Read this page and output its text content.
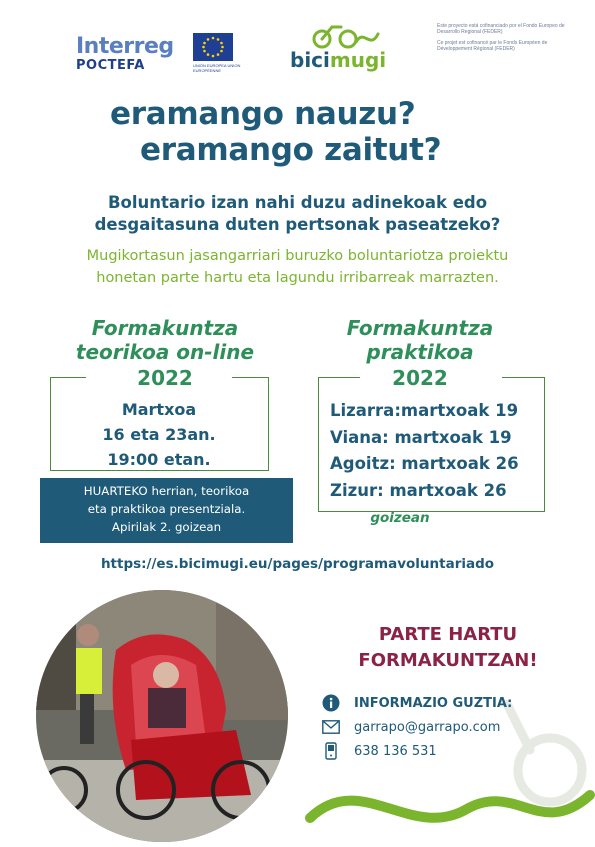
Interreg
POCTEFA	UNIÓN EUROPEA UNION EUROPÉENNE	bicimugi

Este proyecto está cofinanciado por el Fondo Europeo de Desarrollo Regional (FEDER)

Ce projet est cofinancé par le Fonds Européen de Développement Régional (FEDER)

eramango nauzu?
eramango zaitut?
Boluntario izan nahi duzu adinekoak edo
desgaitasuna duten pertsonak paseatzeko?
Mugikortasun jasangarriari buruzko boluntariotza proiektu
honetan parte hartu eta lagundu irribarreak marrazten.
Formakuntza
teorikoa on-line
2022
Martxoa
16 eta 23an.
19:00 etan.
HUARTEKO herrian, teorikoa
eta praktikoa presentziala.
Apirilak 2. goizean
Formakuntza
praktikoa
2022
Lizarra:martxoak 19
Viana: martxoak 19
Agoitz: martxoak 26
Zizur: martxoak 26
goizean
https://es.bicimugi.eu/pages/programavoluntariado
PARTE HARTU
FORMAKUNTZAN!
INFORMAZIO GUZTIA:
garrapo@garrapo.com
638 136 531
